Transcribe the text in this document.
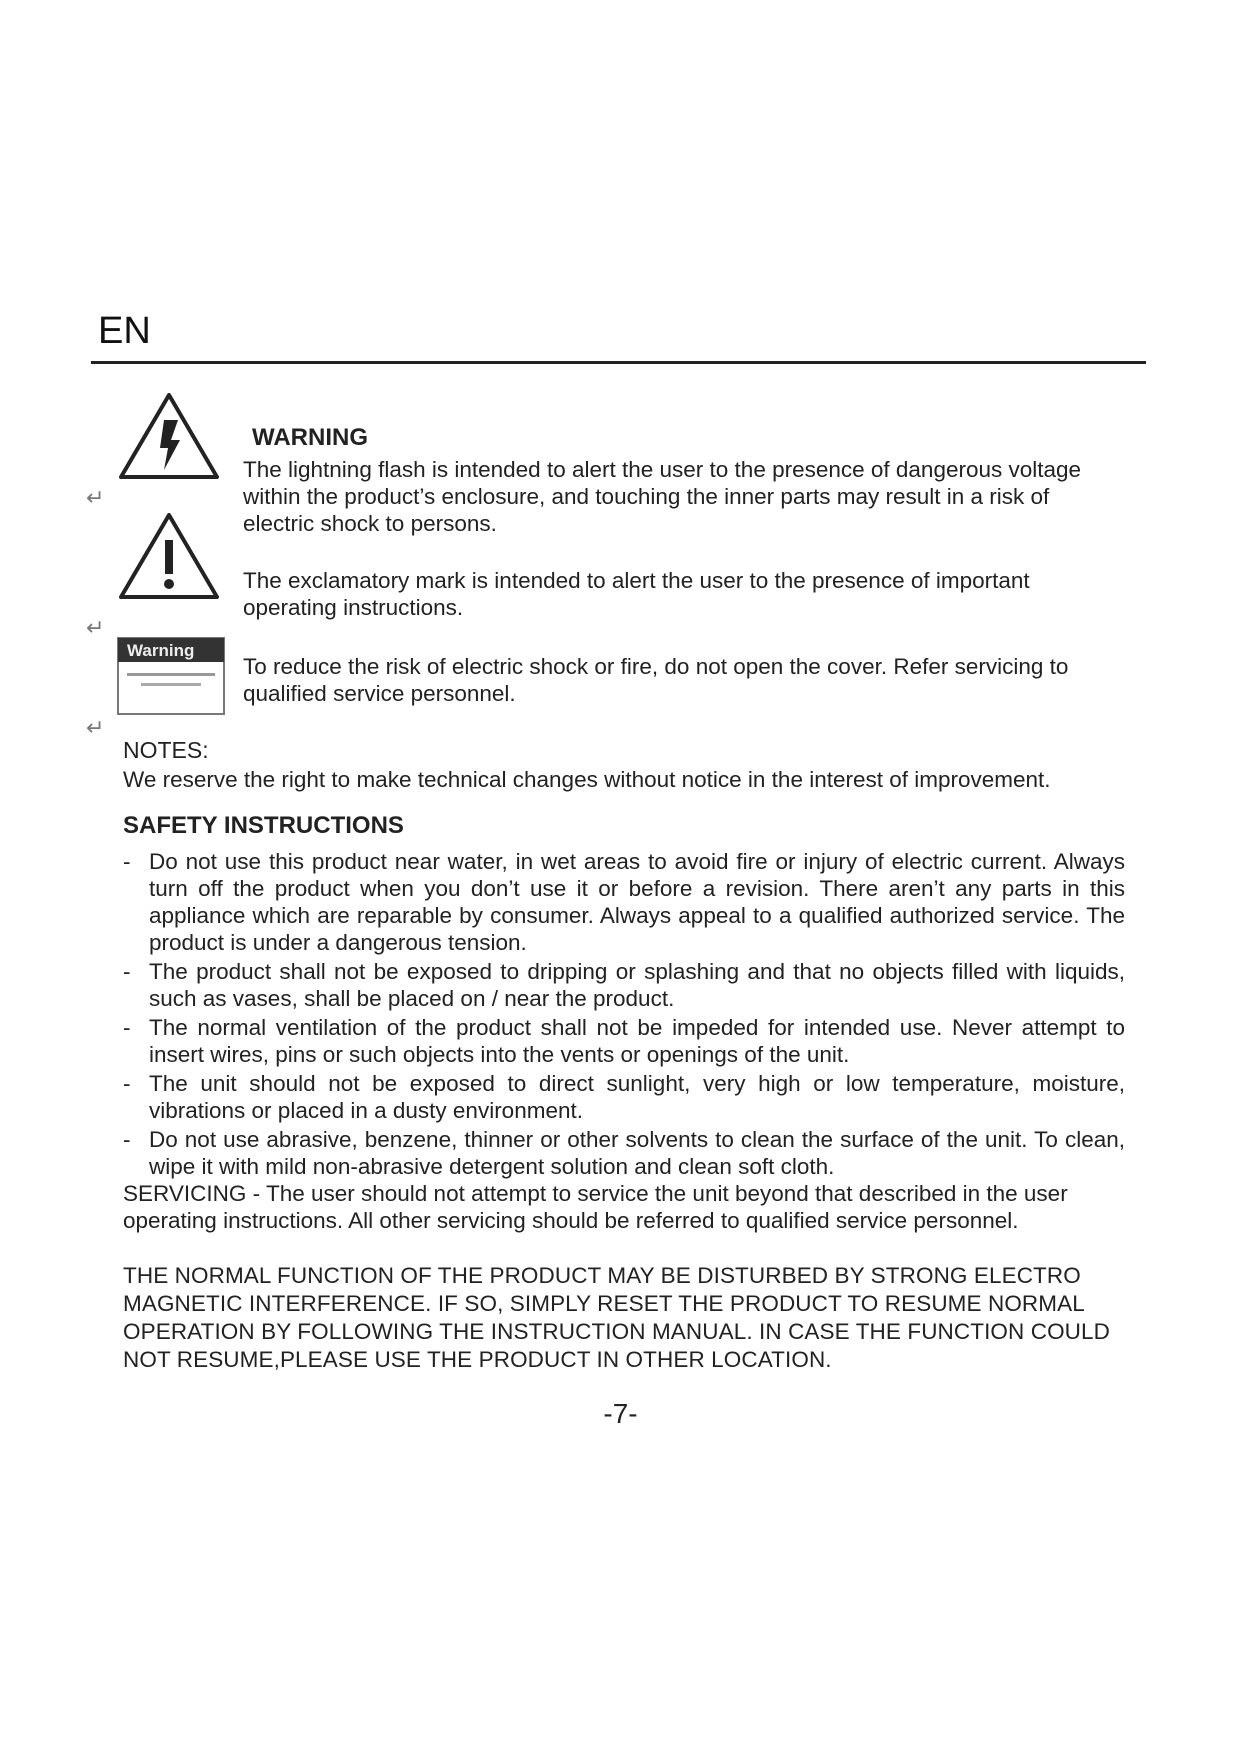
EN
↵
↵
Warning
↵
WARNING
The lightning flash is intended to alert the user to the presence of dangerous voltage within the product’s enclosure, and touching the inner parts may result in a risk of electric shock to persons.
The exclamatory mark is intended to alert the user to the presence of important operating instructions.
To reduce the risk of electric shock or fire, do not open the cover. Refer servicing to qualified service personnel.
NOTES:
We reserve the right to make technical changes without notice in the interest of improvement.
SAFETY INSTRUCTIONS
- Do not use this product near water, in wet areas to avoid fire or injury of electric current. Always turn off the product when you don’t use it or before a revision. There aren’t any parts in this appliance which are reparable by consumer. Always appeal to a qualified authorized service. The product is under a dangerous tension.
- The product shall not be exposed to dripping or splashing and that no objects filled with liquids, such as vases, shall be placed on / near the product.
- The normal ventilation of the product shall not be impeded for intended use. Never attempt to insert wires, pins or such objects into the vents or openings of the unit.
- The unit should not be exposed to direct sunlight, very high or low temperature, moisture, vibrations or placed in a dusty environment.
- Do not use abrasive, benzene, thinner or other solvents to clean the surface of the unit. To clean, wipe it with mild non-abrasive detergent solution and clean soft cloth.
SERVICING - The user should not attempt to service the unit beyond that described in the user operating instructions. All other servicing should be referred to qualified service personnel.
THE NORMAL FUNCTION OF THE PRODUCT MAY BE DISTURBED BY STRONG ELECTRO MAGNETIC INTERFERENCE. IF SO, SIMPLY RESET THE PRODUCT TO RESUME NORMAL OPERATION BY FOLLOWING THE INSTRUCTION MANUAL. IN CASE THE FUNCTION COULD NOT RESUME,PLEASE USE THE PRODUCT IN OTHER LOCATION.
-7-
